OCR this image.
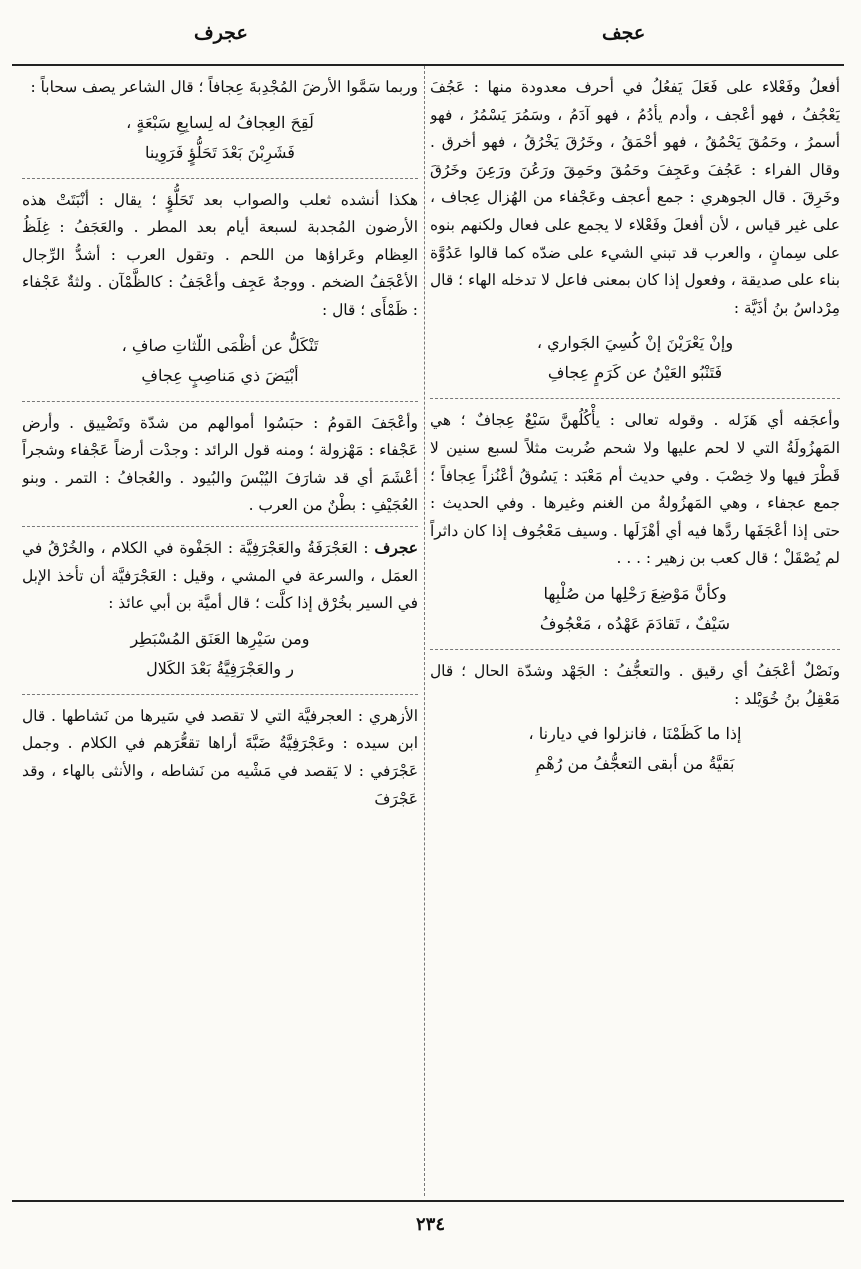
عجف
عجرف

أفعلُ وفَعْلاء على فَعَلَ يَفعُلُ في أحرف معدودة منها : عَجُفَ يَعْجُفُ ، فهو أعْجف ، وأدم يأدُمُ ، فهو آدَمُ ، وسَمُرَ يَسْمُرُ ، فهو أسمرُ ، وحَمُقَ يَحْمُقُ ، فهو أحْمَقُ ، وخَرُقَ يَخْرُقُ ، فهو أخرق . وقال الفراء : عَجُفَ وعَجِفَ وحَمُقَ وحَمِقَ ورَعُنَ ورَعِنَ وخَرُقَ وخَرِقَ . قال الجوهري : جمع أعجف وعَجْفاء من الهُزال عِجاف ، على غير قياس ، لأن أفعلَ وفَعْلاء لا يجمع على فعال ولكنهم بنوه على سِمانٍ ، والعرب قد تبني الشيء على ضدّه كما قالوا عَدُوَّة بناء على صديقة ، وفعول إذا كان بمعنى فاعل لا تدخله الهاء ؛ قال مِرْداسُ بنُ أذَيَّة :

وإنْ يَعْرَيْنَ إنْ كُسِيَ الجَواري ،
فَتَنْبُو العَيْنُ عن كَرَمٍ عِجافِ

وأعجَفه أي هَزَله . وقوله تعالى : يأْكُلُهنَّ سَبْعٌ عِجافٌ ؛ هي المَهزُولَةُ التي لا لحم عليها ولا شحم ضُربت مثلاً لسبع سنين لا قَطْرَ فيها ولا خِصْبَ . وفي حديث أم مَعْبَد : يَسُوقُ أعْنُزاً عِجافاً ؛ جمع عجفاء ، وهي المَهزُولةُ من الغنم وغيرها . وفي الحديث : حتى إذا أعْجَفَها ردَّها فيه أي أهْزَلَها . وسيف مَعْجُوف إذا كان داثراً لم يُصْقَلْ ؛ قال كعب بن زهير : . . .

وكأنَّ مَوْضِعَ رَحْلِها من صُلْبِها
سَيْفٌ ، تَقادَمَ عَهْدُه ، مَعْجُوفُ

ونَصْلٌ أعْجَفُ أي رقيق . والتعجُّفُ : الجَهْد وشدّة الحال ؛ قال مَعْقِلُ بنُ خُوَيْلد :

إذا ما كَظَمْنَا ، فانزلوا في ديارنا ،
بَقيَّةُ من أبقى التعجُّفُ من رُهْمِ

وربما سَمَّوا الأرضَ المُجْدِبةَ عِجافاً ؛ قال الشاعر يصف سحاباً :

لَقِحَ العِجافُ له لِسابِعِ سَبْعَةٍ ،
فَشَرِبْنَ بَعْدَ تَحَلُّؤٍ فَرَوِينا

هكذا أنشده ثعلب والصواب بعد تَحَلُّؤٍ ؛ يقال : أنْبَتَتْ هذه الأرضون المُجدبة لسبعة أيام بعد المطر . والعَجَفُ : غِلَظُ العِظام وعَراؤها من اللحم . وتقول العرب : أشدُّ الرِّجال الأعْجَفُ الضخم . ووجهٌ عَجِف وأعْجَفُ : كالظَّمْآن . ولثةٌ عَجْفاء : ظَمْأَى ؛ قال :

تَنْكَلُّ عن أظْمَى اللّثاتِ صافِ ،
أبْيَضَ ذي مَناصِبٍ عِجافِ

وأعْجَفَ القومُ : حبَسُوا أموالهم من شدّة وتَضْييق . وأرض عَجْفاء : مَهْزولة ؛ ومنه قول الرائد : وجدْت أرضاً عَجْفاء وشجراً أعْشَمَ أي قد شارَفَ اليُبْسَ والبُيود . والعُجافُ : التمر . وبنو العُجَيْفِ : بطْنٌ من العرب .

عجرف : العَجْرَفَةُ والعَجْرَفِيَّة : الجَفْوة في الكلام ، والخُرْقُ في العمَل ، والسرعة في المشي ، وقيل : العَجْرَفيَّة أن تأخذ الإبل في السير بخُرْق إذا كلَّت ؛ قال أميَّة بن أبي عائذ :

ومن سَيْرِها العَنَق المُسْبَطِر
ر والعَجْرَفِيَّةُ بَعْدَ الكَلال

الأزهري : العجرفيَّة التي لا تقصد في سَيرها من نَشاطها . قال ابن سيده : وعَجْرَفِيَّةُ ضَبَّةَ أراها تقعُّرَهم في الكلام . وجمل عَجْرَفي : لا يَقصد في مَشْيه من نَشاطه ، والأنثى بالهاء ، وقد عَجْرَفَ

٢٣٤
